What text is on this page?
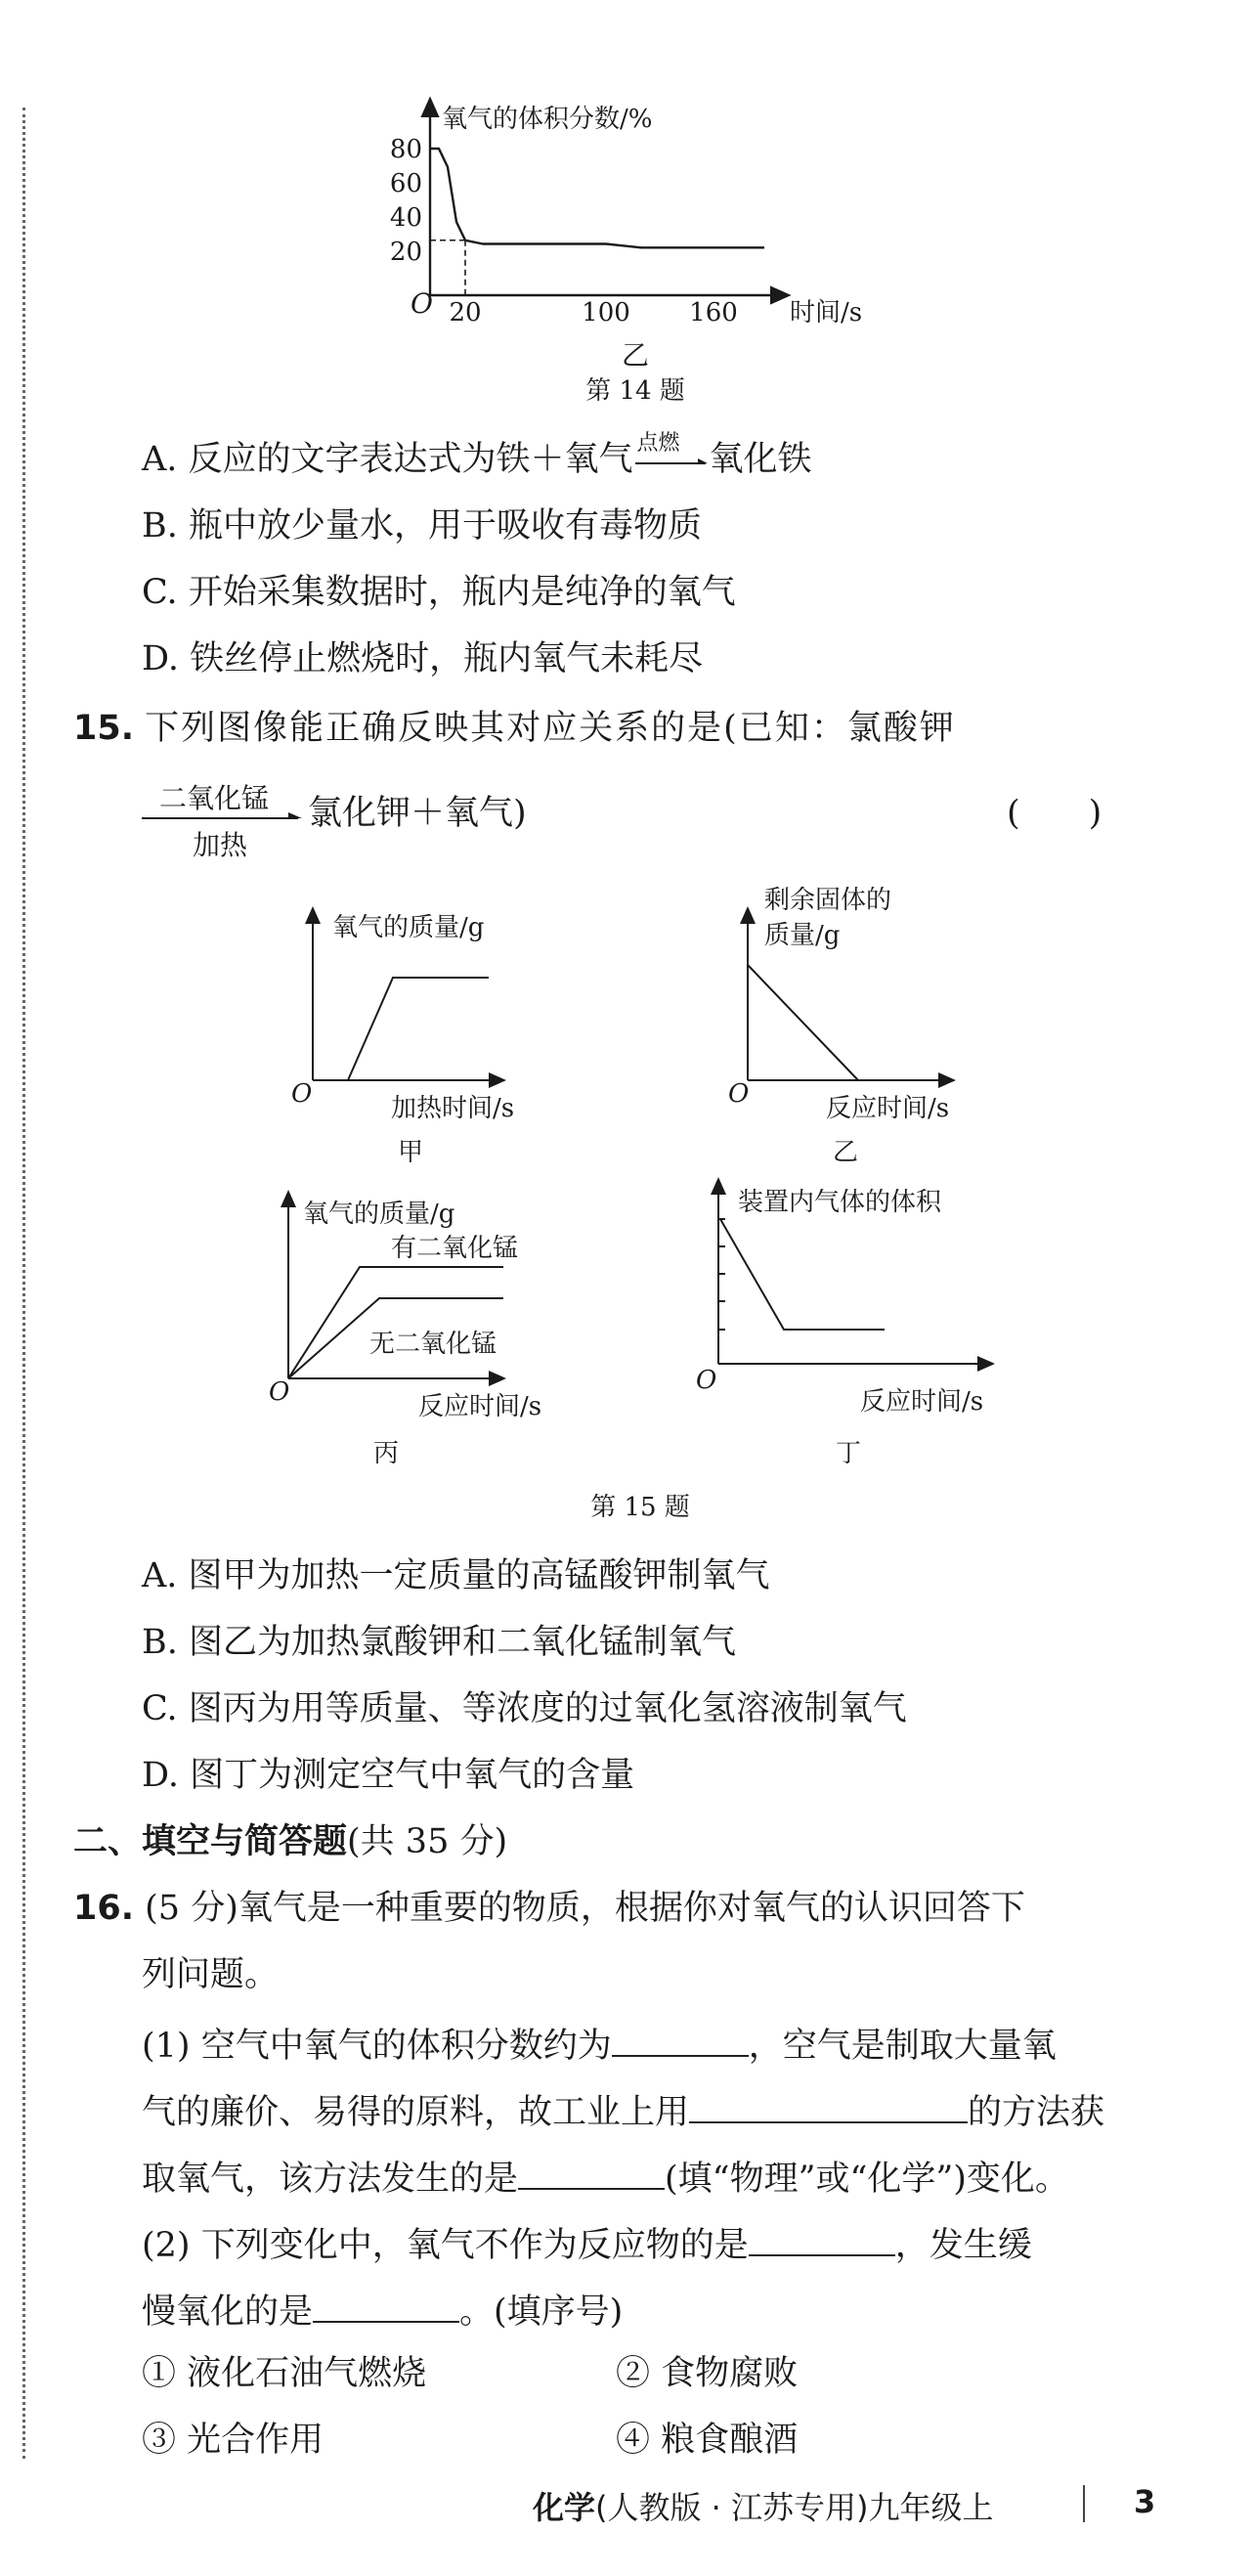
氧气的体积分数/%
80
60
40
20
O 20	100 160 时间/s
乙
第 14 题
A. 反应的文字表达式为铁＋氧气 点燃 氧化铁
B. 瓶中放少量水，用于吸收有毒物质
C. 开始采集数据时，瓶内是纯净的氧气
D. 铁丝停止燃烧时，瓶内氧气未耗尽
15. 下列图像能正确反映其对应关系的是(已知：氯酸钾
二氧化锰
加热
氯化钾＋氧气)	(　　)
氧气的质量/g
O	加热时间/s
甲
剩余固体的
质量/g
O	反应时间/s
乙
氧气的质量/g
有二氧化锰
无二氧化锰
O	反应时间/s
丙
装置内气体的体积
O
反应时间/s
丁
第 15 题
A. 图甲为加热一定质量的高锰酸钾制氧气
B. 图乙为加热氯酸钾和二氧化锰制氧气
C. 图丙为用等质量、等浓度的过氧化氢溶液制氧气
D. 图丁为测定空气中氧气的含量
二、填空与简答题(共 35 分)
16. (5 分)氧气是一种重要的物质，根据你对氧气的认识回答下
列问题。
(1) 空气中氧气的体积分数约为	，空气是制取大量氧
气的廉价、易得的原料，故工业上用	的方法获
取氧气，该方法发生的是	(填“物理”或“化学”)变化。
(2) 下列变化中，氧气不作为反应物的是	，发生缓
慢氧化的是	。(填序号)
① 液化石油气燃烧	② 食物腐败
③ 光合作用	④ 粮食酿酒
化学(人教版 · 江苏专用)九年级上	3
